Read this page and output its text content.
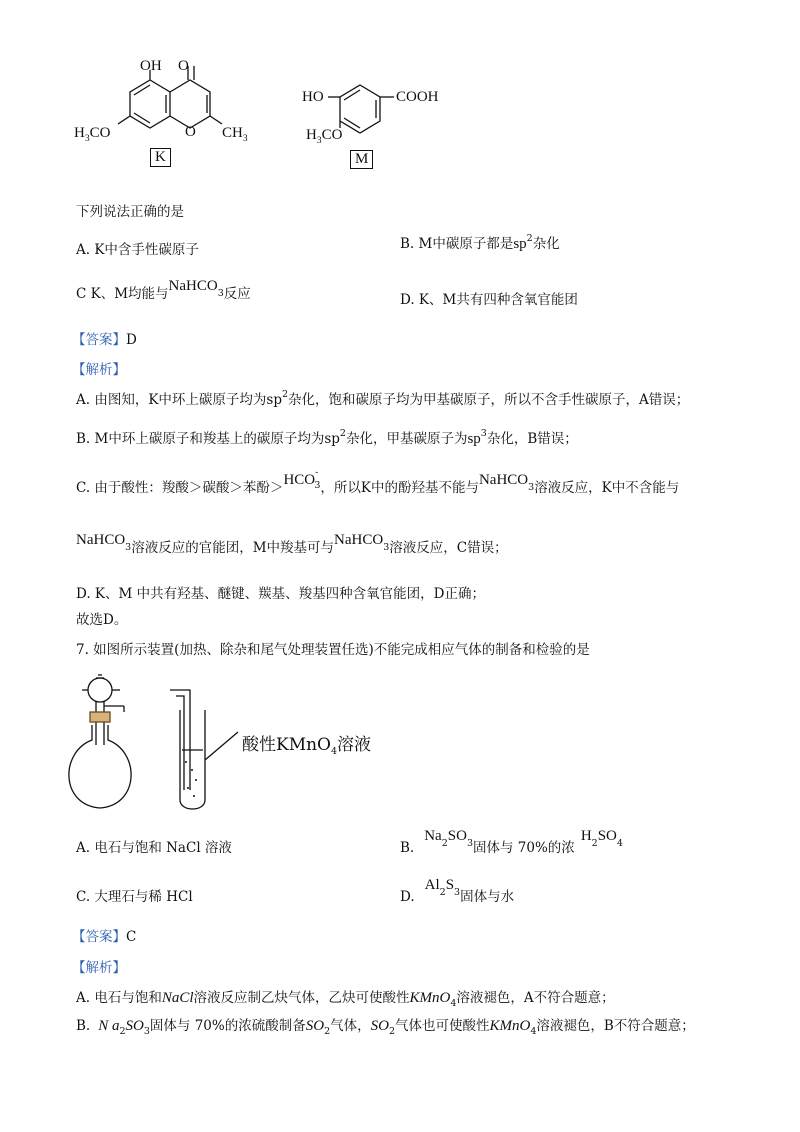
OH O
O
$H_3CO$	$CH_3$
K
HO	COOH
$H_3CO$
M
下列说法正确的是
A. K中含手性碳原子	B. M中碳原子都是$sp^2$杂化
C K、M均能与NaHCO$_3$反应	D. K、M共有四种含氧官能团
【答案】D
【解析】
A. 由图知，K中环上碳原子均为$sp^2$杂化，饱和碳原子均为甲基碳原子，所以不含手性碳原子，A错误；
B. M中环上碳原子和羧基上的碳原子均为$sp^2$杂化，甲基碳原子为$sp^3$杂化，B错误；
C. 由于酸性：羧酸＞碳酸＞苯酚$>HCO^{-3}$，所以K中的酚羟基不能与NaHCO$_3$溶液反应，K中不含能与
NaHCO$_3$溶液反应的官能团，M中羧基可与NaHCO$_3$溶液反应，C错误；
D. K、M 中共有羟基、醚键、羰基、羧基四种含氧官能团，D正确；
故选D。
7. 如图所示装置(加热、除杂和尾气处理装置任选)不能完成相应气体的制备和检验的是
酸性KMnO$_4$溶液
A. 电石与饱和 NaCl 溶液	$B.Na^2SO^3$固体与 70%的浓$H^2SO^4$
C. 大理石与稀 HCl	$D.Al^2S^3$固体与水
【答案】C
【解析】
A. 电石与饱和NaCl溶液反应制乙炔气体，乙炔可使酸性KMnO$_4$溶液褪色，A不符合题意；
B. N $a_2SO_3$固体与 70%的浓硫酸制备$SO_2$气体，$SO_2$气体也可使酸性KMnO$_4$溶液褪色，B不符合题意；
